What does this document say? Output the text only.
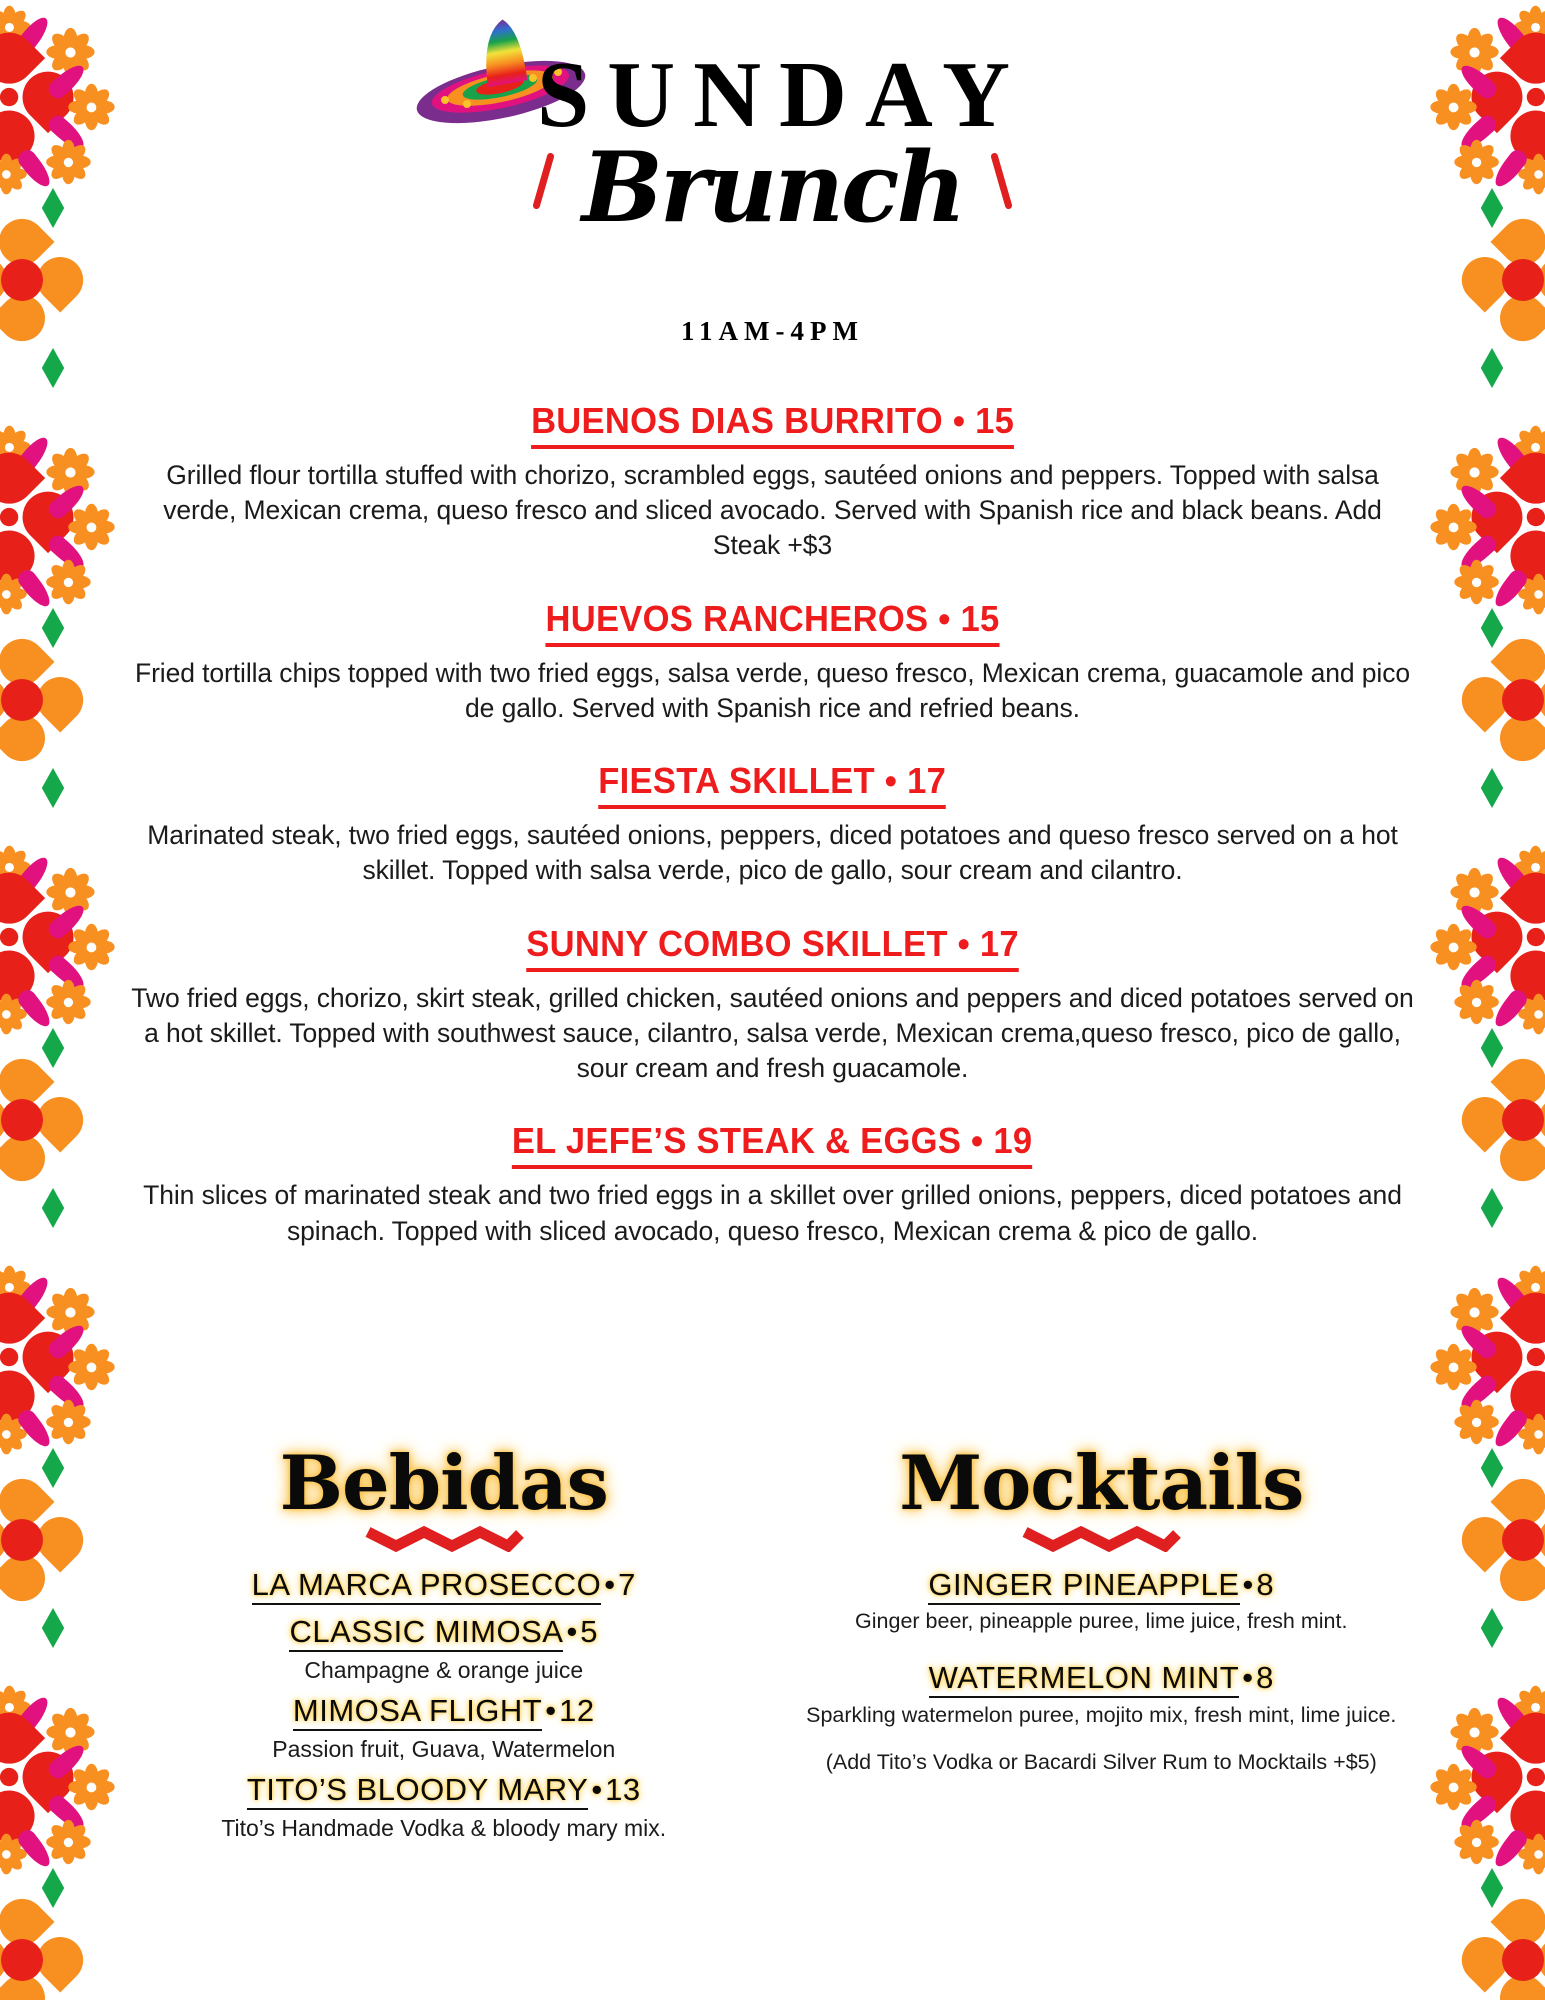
SUNDAY
Brunch
11AM-4PM
BUENOS DIAS BURRITO • 15
Grilled flour tortilla stuffed with chorizo, scrambled eggs, sautéed onions and peppers. Topped with salsa verde, Mexican crema, queso fresco and sliced avocado. Served with Spanish rice and black beans. Add Steak +$3
HUEVOS RANCHEROS • 15
Fried tortilla chips topped with two fried eggs, salsa verde, queso fresco, Mexican crema, guacamole and pico de gallo. Served with Spanish rice and refried beans.
FIESTA SKILLET • 17
Marinated steak, two fried eggs, sautéed onions, peppers, diced potatoes and queso fresco served on a hot skillet. Topped with salsa verde, pico de gallo, sour cream and cilantro.
SUNNY COMBO SKILLET • 17
Two fried eggs, chorizo, skirt steak, grilled chicken, sautéed onions and peppers and diced potatoes served on a hot skillet. Topped with southwest sauce, cilantro, salsa verde, Mexican crema,queso fresco, pico de gallo, sour cream and fresh guacamole.
EL JEFE’S STEAK & EGGS • 19
Thin slices of marinated steak and two fried eggs in a skillet over grilled onions, peppers, diced potatoes and spinach. Topped with sliced avocado, queso fresco, Mexican crema & pico de gallo.
Bebidas
LA MARCA PROSECCO•7
CLASSIC MIMOSA•5
Champagne & orange juice
MIMOSA FLIGHT•12
Passion fruit, Guava, Watermelon
TITO’S BLOODY MARY•13
Tito’s Handmade Vodka & bloody mary mix.
Mocktails
GINGER PINEAPPLE•8
Ginger beer, pineapple puree, lime juice, fresh mint.
WATERMELON MINT•8
Sparkling watermelon puree, mojito mix, fresh mint, lime juice.
(Add Tito’s Vodka or Bacardi Silver Rum to Mocktails +$5)
